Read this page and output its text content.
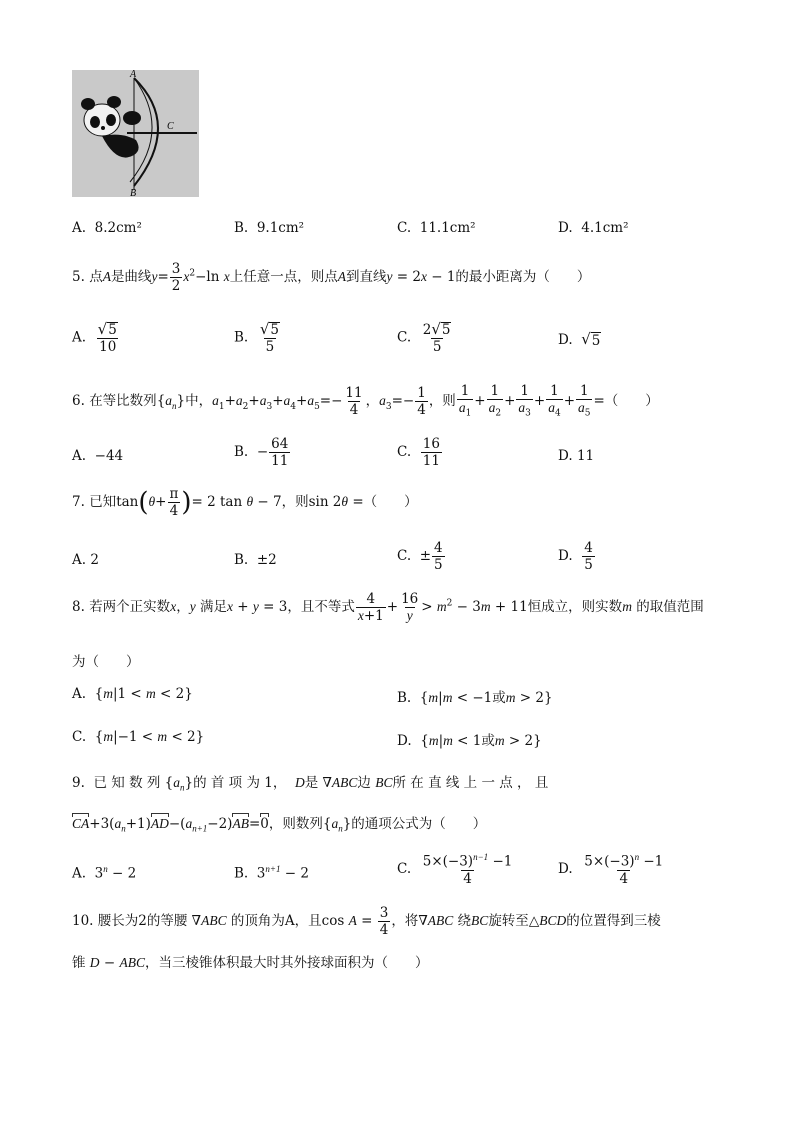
A
C
B
A. 8.2cm²	B. 9.1cm²	C. 11.1cm²	D. 4.1cm²
5. 点A是曲线$y= \frac{3}{2} x^2-\ln$ x上任意一点，则点A到直线y = 2x − 1的最小距离为（　　）
A. $\frac{√ 5}{10}$	B. $\frac{√ 5}{5}$	C. $\frac{2 √ 5}{5}$	D. √ 5
6. 在等比数列$\{a_n\}$中，$a_1+a_2+a_3+a_4+a_5=- \frac{11}{4}$ ，$a_3=- \frac{1}{4}$ ，则 $\frac{1}{a_1} + \frac{1}{a_2} + \frac{1}{a_3} + \frac{1}{a_4} + \frac{1}{a_5}$ =（　　）
A. −44	B. − $\frac{64}{11}$	C. $\frac{16}{11}$	D. 11
7. 已知$\tan(\theta+ \frac{\pi}{4}$ )= 2 tan θ − 7，则sin 2θ =（　　）
A. 2	B. ±2	C. ± $\frac{4}{5}$	D. $\frac{4}{5}$
8. 若两个正实数x，y 满足x + y = 3，且不等式 $\frac{4}{x+1} + \frac{16}{y} > m^2 - 3m + 11$恒成立，则实数m 的取值范围
为（　　）
A.  {m|1 < m < 2}	B.  {m|m < −1或m > 2}
C.  {m|−1 < m < 2}	D.  {m|m < 1或m > 2}
9. 已 知 数 列 $\{a_n\}$的 首 项 为 1， D是 ∇ABC边 BC所 在 直 线 上 一 点 ， 且
$CA+3(a_n+1)AD-(a_{n+1}-2)AB=0$，则数列$\{a_n\}$的通项公式为（　　）
A.  $3^n - 2$	B.  $3^{n+1} - 2$	C. $\frac{5\times(-3)^{n-1} -1}{4}$	D. $\frac{5\times(-3)^n -1}{4}$
10. 腰长为2的等腰 ∇ABC 的顶角为A，且$\cos A = \frac{3}{4}$ ，将∇ABC 绕BC旋转至△BCD的位置得到三棱
锥 D − ABC，当三棱锥体积最大时其外接球面积为（　　）
